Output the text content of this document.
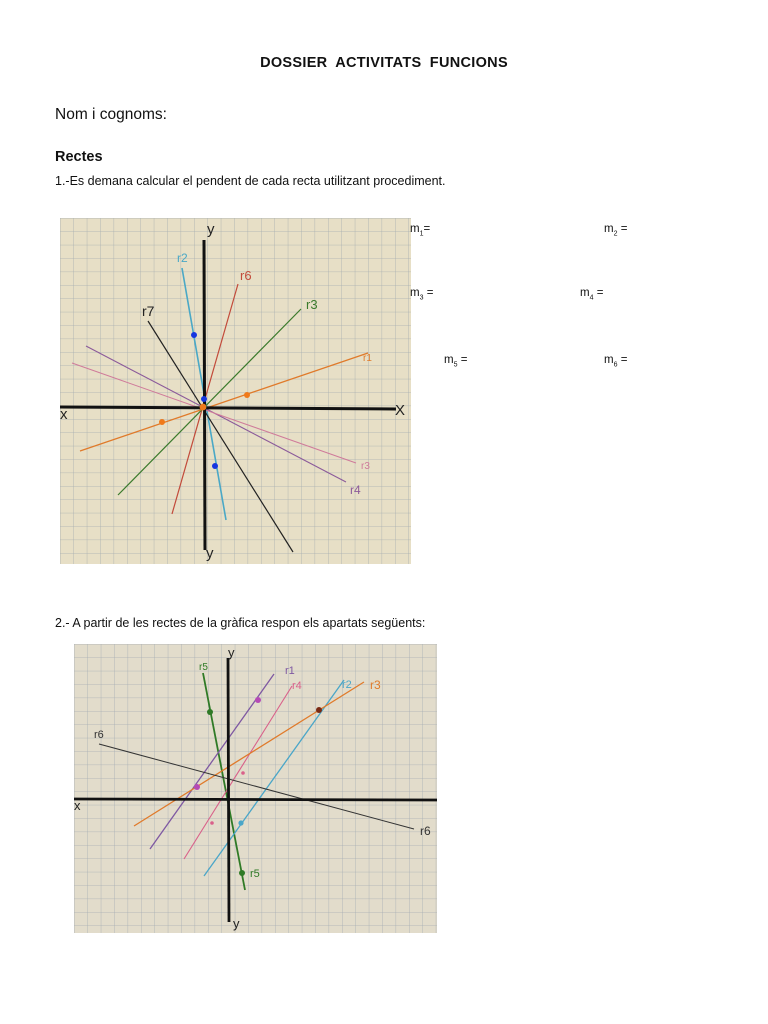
DOSSIER ACTIVITATS FUNCIONS
Nom i cognoms:
Rectes
1.-Es demana calcular el pendent de cada recta utilitzant procediment.
x	X
y
y
r2
r6
r7	r3
r1
r3
r4
$m_1=$	$m_2$ =
$m_3$ =	$m_4$ =
$m_5$ =	$m_6$ =
2.- A partir de les rectes de la gràfica respon els apartats següents:
x
y
y
r5	r1
r4	r2 r3
r6
r6
r5
